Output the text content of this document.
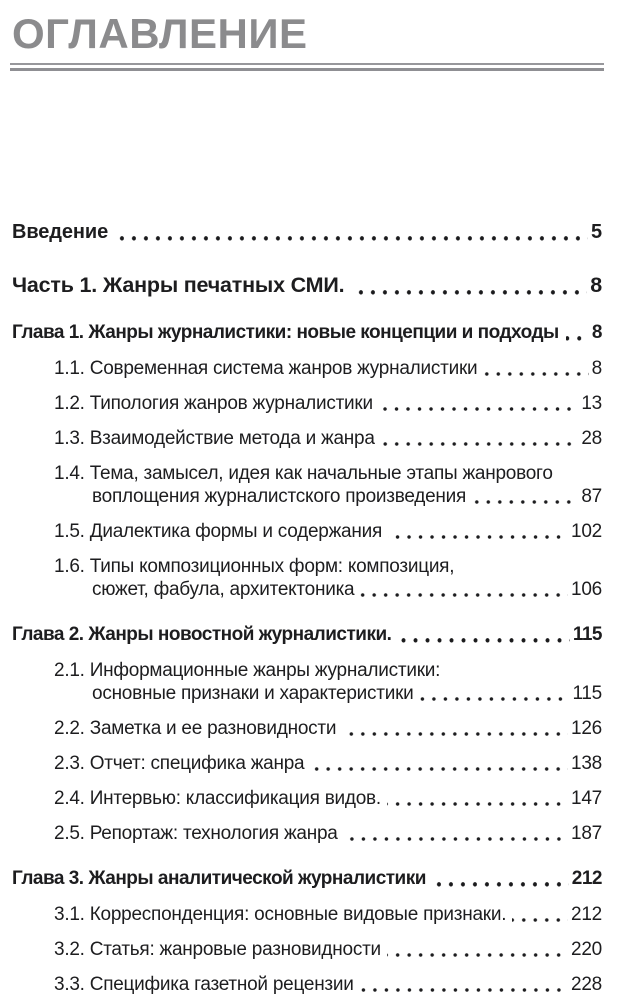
ОГЛАВЛЕНИЕ
Введение	5
Часть 1. Жанры печатных СМИ.	8
Глава 1. Жанры журналистики: новые концепции и подходы 8
1.1. Современная система жанров журналистики	8
1.2. Типология жанров журналистики	13
1.3. Взаимодействие метода и жанра	28
1.4. Тема, замысел, идея как начальные этапы жанрового
воплощения журналистского произведения	87
1.5. Диалектика формы и содержания	102
1.6. Типы композиционных форм: композиция,
сюжет, фабула, архитектоника	106
Глава 2. Жанры новостной журналистики.	115
2.1. Информационные жанры журналистики:
основные признаки и характеристики	115
2.2. Заметка и ее разновидности	126
2.3. Отчет: специфика жанра	138
2.4. Интервью: классификация видов.	147
2.5. Репортаж: технология жанра	187
Глава 3. Жанры аналитической журналистики	212
3.1. Корреспонденция: основные видовые признаки.	212
3.2. Статья: жанровые разновидности	220
3.3. Специфика газетной рецензии	228
